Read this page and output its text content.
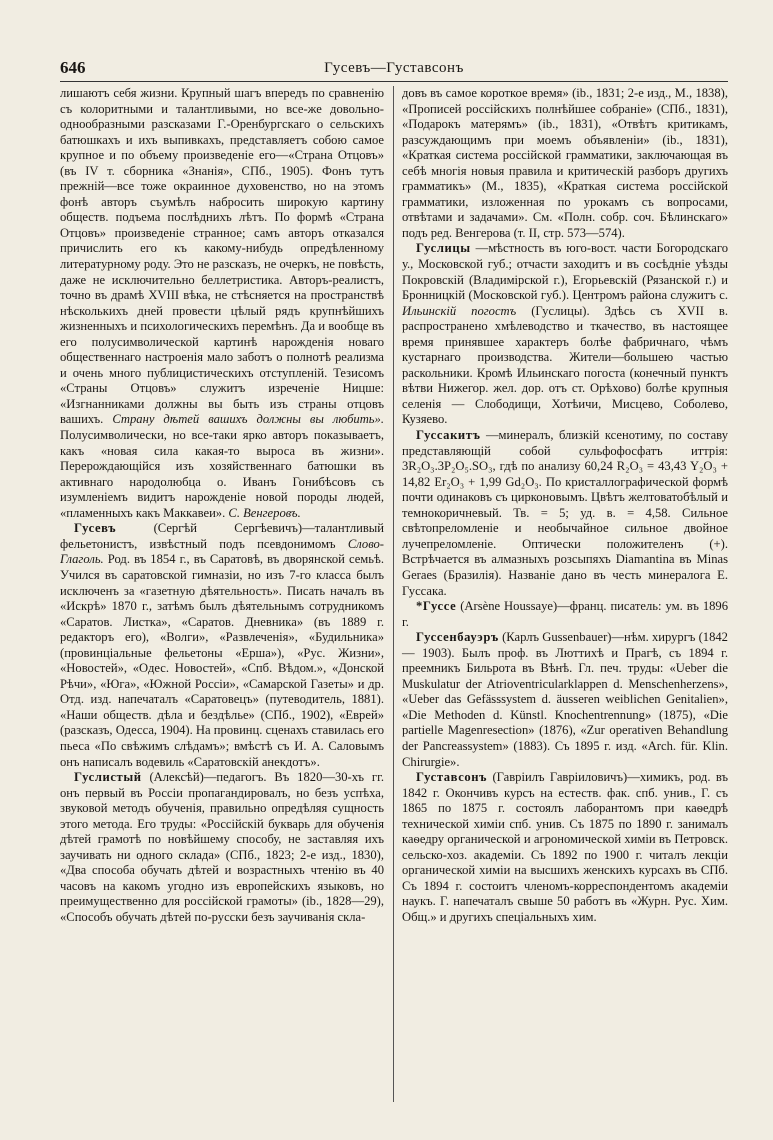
646	Гусевъ—Густавсонъ

лишаютъ себя жизни. Крупный шагъ впередъ по сравненію съ колоритными и талантливыми, но все-же довольно-однообразными разсказами Г.-Оренбургскаго о сельскихъ батюшкахъ и ихъ выпивкахъ, представляетъ собою самое крупное и по объему произведеніе его—«Страна Отцовъ» (въ IV т. сборника «Знанія», СПб., 1905). Фонъ тутъ прежній—все тоже окраинное духовенство, но на этомъ фонѣ авторъ съумѣлъ набросить широкую картину обществ. подъема послѣднихъ лѣтъ. По формѣ «Страна Отцовъ» произведеніе странное; самъ авторъ отказался причислить его къ какому-нибудь опредѣленному литературному роду. Это не разсказъ, не очеркъ, не повѣсть, даже не исключительно беллетристика. Авторъ-реалистъ, точно въ драмѣ XVIII вѣка, не стѣсняется на пространствѣ нѣсколькихъ дней провести цѣлый рядъ крупнѣйшихъ жизненныхъ и психологическихъ перемѣнъ. Да и вообще въ его полусимволической картинѣ нарожденія новаго общественнаго настроенія мало заботъ о полнотѣ реализма и очень много публицистическихъ отступленій. Тезисомъ «Страны Отцовъ» служитъ изреченіе Ницше: «Изгнанниками должны вы быть изъ страны отцовъ вашихъ. Страну дѣтей вашихъ должны вы любить». Полусимволически, но все-таки ярко авторъ показываетъ, какъ «новая сила какая-то выроса въ жизни». Перерождающійся изъ хозяйственнаго батюшки въ активнаго народолюбца о. Иванъ Гонибѣсовъ съ изумленіемъ видитъ нарожденіе новой породы людей, «пламенныхъ какъ Маккавеи». С. Венгеровъ.

Гусевъ	(Сергѣй Сергѣевичъ)—талантливый фельетонистъ, извѣстный подъ псевдонимомъ Слово-Глаголь. Род. въ 1854 г., въ Саратовѣ, въ дворянской семьѣ. Учился въ саратовской гимназіи, но изъ 7-го класса былъ исключенъ за «газетную дѣятельность». Писать началъ въ «Искрѣ» 1870 г., затѣмъ былъ дѣятельнымъ сотрудникомъ «Саратов. Листка», «Саратов. Дневника» (въ 1889 г. редакторъ его), «Волги», «Развлеченія», «Будильника» (провинціальные фельетоны «Ерша»), «Рус. Жизни», «Новостей», «Одес. Новостей», «Спб. Вѣдом.», «Донской Рѣчи», «Юга», «Южной Россіи», «Самарской Газеты» и др. Отд. изд. напечаталъ «Саратовецъ» (путеводитель, 1881). «Наши обществ. дѣла и бездѣлье» (СПб., 1902), «Еврей» (разсказъ, Одесса, 1904). На провинц. сценахъ ставилась его пьеса «По свѣжимъ слѣдамъ»; вмѣстѣ съ И. А. Саловымъ онъ написалъ водевиль «Саратовскій анекдотъ».

Гуслистый (Алексѣй)—педагогъ. Въ 1820—30-хъ гг. онъ первый въ Россіи пропагандировалъ, но безъ успѣха, звуковой методъ обученія, правильно опредѣляя сущность этого метода. Его труды: «Россійскій букварь для обученія дѣтей грамотѣ по новѣйшему способу, не заставляя ихъ заучивать ни одного склада» (СПб., 1823; 2-е изд., 1830), «Два способа обучать дѣтей и возрастныхъ чтенію въ 40 часовъ на какомъ угодно изъ европейскихъ языковъ, но преимущественно для россійской грамоты» (ib., 1828—29), «Способъ обучать дѣтей по-русски безъ заучиванія скла-

довъ въ самое короткое время» (ib., 1831; 2-е изд., М., 1838), «Прописей россійскихъ полнѣйшее собраніе» (СПб., 1831), «Подарокъ матерямъ» (ib., 1831), «Отвѣтъ критикамъ, разсуждающимъ при моемъ объявленіи» (ib., 1831), «Краткая система россійской грамматики, заключающая въ себѣ многія новыя правила и критическій разборъ другихъ грамматикъ» (М., 1835), «Краткая система россійской грамматики, изложенная по урокамъ съ вопросами, отвѣтами и задачами». См. «Полн. собр. соч. Бѣлинскаго» подъ ред. Венгерова (т. II, стр. 573—574).

Гуслицы —мѣстность въ юго-вост. части Богородскаго у., Московской губ.; отчасти заходитъ и въ сосѣдніе уѣзды Покровскій (Владимірской г.), Егорьевскій (Рязанской г.) и Бронницкій (Московской губ.). Центромъ района служитъ с. Ильинскій погостъ (Гуслицы). Здѣсь съ XVII в. распространено хмѣлеводство и ткачество, въ настоящее время принявшее характеръ болѣе фабричнаго, чѣмъ кустарнаго производства. Жители—большею частью раскольники. Кромѣ Ильинскаго погоста (конечный пунктъ вѣтви Нижегор. жел. дор. отъ ст. Орѣхово) болѣе крупныя селенія — Слободищи, Хотѣичи, Мисцево, Соболево, Кузяево.

Гуссакитъ —минералъ, близкій ксенотиму, по составу представляющій собой сульфофосфатъ иттрія: 3R₂O₃.3P₂O₅.SO₃, гдѣ по анализу 60,24 R₂O₃ = 43,43 Y₂O₃ + 14,82 Er₂O₃ + 1,99 Gd₂O₃. По кристаллографической формѣ почти одинаковъ съ цирконовымъ. Цвѣтъ желтоватобѣлый и темнокоричневый. Тв. = 5; уд. в. = 4,58. Сильное свѣтопреломленіе и необычайное сильное двойное лучепреломленіе. Оптически положителенъ (+). Встрѣчается въ алмазныхъ розсыпяхъ Diamantina въ Minas Geraes (Бразилія). Названіе дано въ честь минералога E. Гуссака.

*Гуссе (Arsène Houssaye)—франц. писатель: ум. въ 1896 г.

Гуссенбауэръ (Карлъ Gussenbauer)—нѣм. хирургъ (1842 — 1903). Былъ проф. въ Люттихѣ и Прагѣ, съ 1894 г. преемникъ Бильрота въ Вѣнѣ. Гл. печ. труды: «Ueber die Muskulatur der Atrioventricularklappen d. Menschenherzens», «Ueber das Gefässsystem d. äusseren weiblichen Genitalien», «Die Methoden d. Künstl. Knochentrennung» (1875), «Die partielle Magenresection» (1876), «Zur operativen Behandlung der Pancreassystem» (1883). Съ 1895 г. изд. «Arch. für. Klin. Chirurgie».

Густавсонъ (Гавріилъ Гавріиловичъ)—химикъ, род. въ 1842 г. Окончивъ курсъ на естеств. фак. спб. унив., Г. съ 1865 по 1875 г. состоялъ лаборантомъ при каѳедрѣ технической химіи спб. унив. Съ 1875 по 1890 г. занималъ каѳедру органической и агрономической химіи въ Петровск. сельско-хоз. академіи. Съ 1892 по 1900 г. читалъ лекціи органической химіи на высшихъ женскихъ курсахъ въ СПб. Съ 1894 г. состоитъ членомъ-корреспондентомъ академіи наукъ. Г. напечаталъ свыше 50 работъ въ «Журн. Рус. Хим. Общ.» и другихъ спеціальныхъ хим.
